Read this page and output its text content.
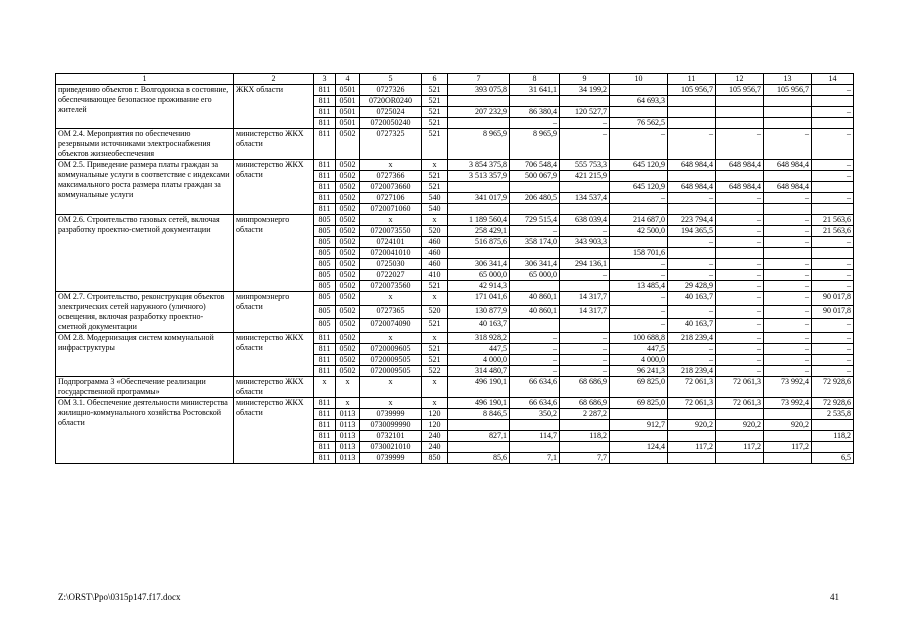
1	2	3	4	5	6	7	8	9	10	11	12	13	14
приведению объектов г. Волгодонска в состояние, обеспечивающее безопасное проживание его жителей	ЖКХ области	811	0501	0727326	521	393 075,8	31 641,1	34 199,2		105 956,7	105 956,7	105 956,7	–
		811	0501	0720ОR0240	521				64 693,3				
		811	0501	0725024	521	207 232,9	86 380,4	120 527,7					–
		811	0501	0720050240	521		–	–	76 562,5				
ОМ 2.4. Мероприятия по обеспечению резервными источниками электроснабжения объектов жизнеобеспечения	министерство ЖКХ области	811	0502	0727325	521	8 965,9	8 965,9	–	–	–	–	–	–
ОМ 2.5. Приведение размера платы граждан за коммунальные услуги в соответствие с индексами максимального роста размера платы граждан за коммунальные услуги	министерство ЖКХ области	811	0502	х	х	3 854 375,8	706 548,4	555 753,3	645 120,9	648 984,4	648 984,4	648 984,4	–
		811	0502	0727366	521	3 513 357,9	500 067,9	421 215,9					–
		811	0502	0720073660	521				645 120,9	648 984,4	648 984,4	648 984,4	
		811	0502	0727106	540	341 017,9	206 480,5	134 537,4	–	–	–	–	–
		811	0502	0720071060	540								
ОМ 2.6. Строительство газовых сетей, включая разработку проектно-сметной документации	минпромэнерго области	805	0502	х	х	1 189 560,4	729 515,4	638 039,4	214 687,0	223 794,4	–	–	21 563,6
		805	0502	0720073550	520	258 429,1	–	–	42 500,0	194 365,5	–	–	21 563,6
		805	0502	0724101	460	516 875,6	358 174,0	343 903,3		–	–	–	–
		805	0502	0720041010	460				158 701,6				
		805	0502	0725030	460	306 341,4	306 341,4	294 136,1	–	–	–	–	–
		805	0502	0722027	410	65 000,0	65 000,0	–	–	–	–	–	–
		805	0502	0720073560	521	42 914,3			13 485,4	29 428,9	–	–	–
ОМ 2.7. Строительство, реконструкция объектов электрических сетей наружного (уличного) освещения, включая разработку проектно-сметной документации	минпромэнерго области	805	0502	х	х	171 041,6	40 860,1	14 317,7	–	40 163,7	–	–	90 017,8
		805	0502	0727365	520	130 877,9	40 860,1	14 317,7	–	–	–	–	90 017,8
		805	0502	0720074090	521	40 163,7			–	40 163,7	–	–	–
ОМ 2.8. Модернизация систем коммунальной инфраструктуры	министерство ЖКХ области	811	0502	х	х	318 928,2	–	–	100 688,8	218 239,4	–	–	–
		811	0502	0720009605	521	447,5	–	–	447,5	–	–	–	–
		811	0502	0720009505	521	4 000,0	–	–	4 000,0	–	–	–	–
		811	0502	0720009505	522	314 480,7	–	–	96 241,3	218 239,4	–	–	–
Подпрограмма 3 «Обеспечение реализации государственной программы»	министерство ЖКХ области	х	х	х	х	496 190,1	66 634,6	68 686,9	69 825,0	72 061,3	72 061,3	73 992,4	72 928,6
ОМ 3.1. Обеспечение деятельности министерства жилищно-коммунального хозяйства Ростовской области	министерство ЖКХ области	811	х	х	х	496 190,1	66 634,6	68 686,9	69 825,0	72 061,3	72 061,3	73 992,4	72 928,6
		811	0113	0739999	120	8 846,5	350,2	2 287,2					2 535,8
		811	0113	0730099990	120				912,7	920,2	920,2	920,2	
		811	0113	0732101	240	827,1	114,7	118,2					118,2
		811	0113	0730021010	240				124,4	117,2	117,2	117,2	
		811	0113	0739999	850	85,6	7,1	7,7					6,5
Z:\ORST\Ppo\0315p147.f17.docx	41
